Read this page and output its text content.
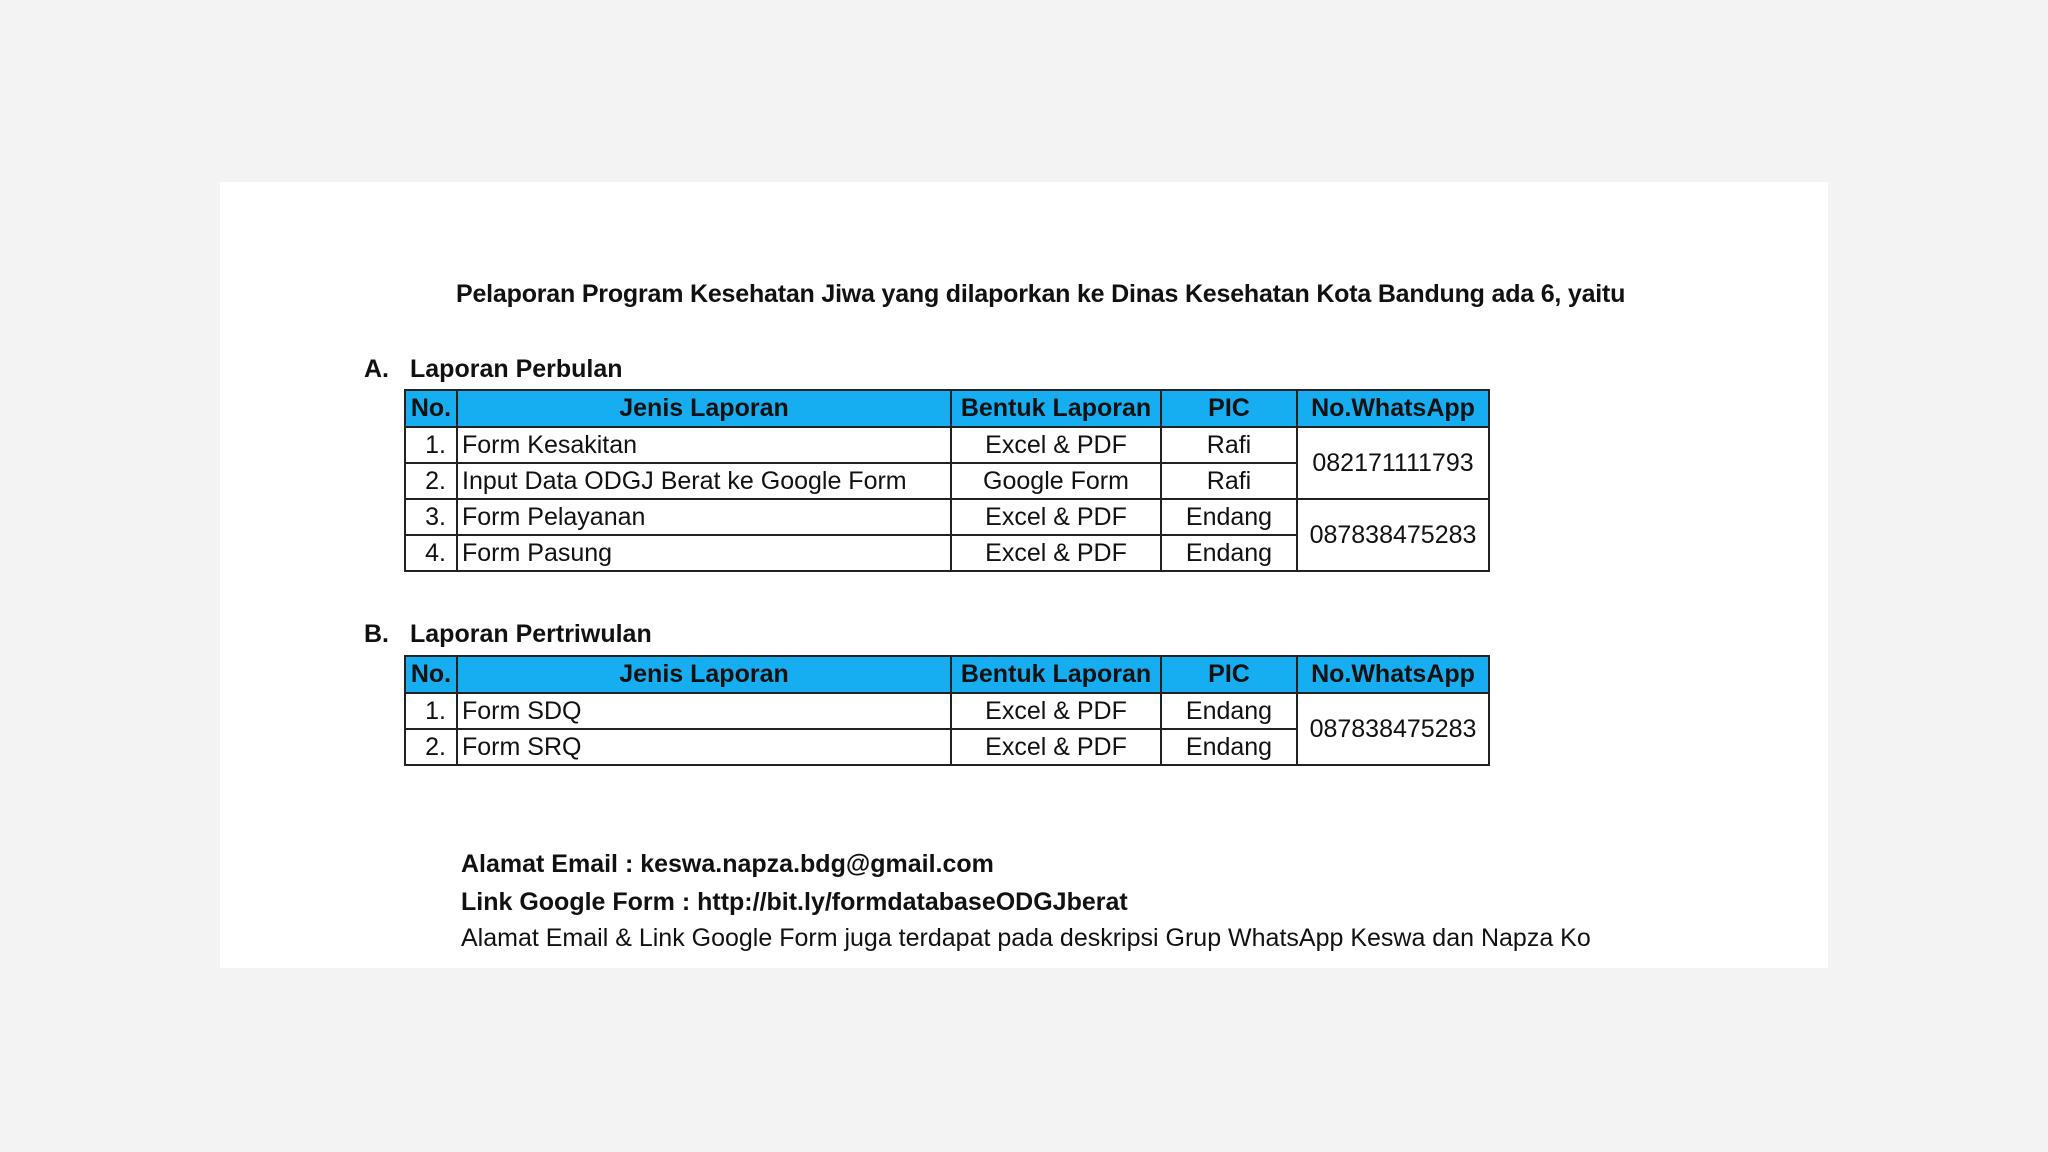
Pelaporan Program Kesehatan Jiwa yang dilaporkan ke Dinas Kesehatan Kota Bandung ada 6, yaitu
A. Laporan Perbulan
No.	Jenis Laporan	Bentuk Laporan	PIC	No.WhatsApp
1.	Form Kesakitan	Excel & PDF	Rafi	082171111793
2.	Input Data ODGJ Berat ke Google Form	Google Form	Rafi	
3.	Form Pelayanan	Excel & PDF	Endang	087838475283
4.	Form Pasung	Excel & PDF	Endang	
B. Laporan Pertriwulan
No.	Jenis Laporan	Bentuk Laporan	PIC	No.WhatsApp
1.	Form SDQ	Excel & PDF	Endang	087838475283
2.	Form SRQ	Excel & PDF	Endang	
Alamat Email : keswa.napza.bdg@gmail.com
Link Google Form : http://bit.ly/formdatabaseODGJberat
Alamat Email & Link Google Form juga terdapat pada deskripsi Grup WhatsApp Keswa dan Napza Ko
